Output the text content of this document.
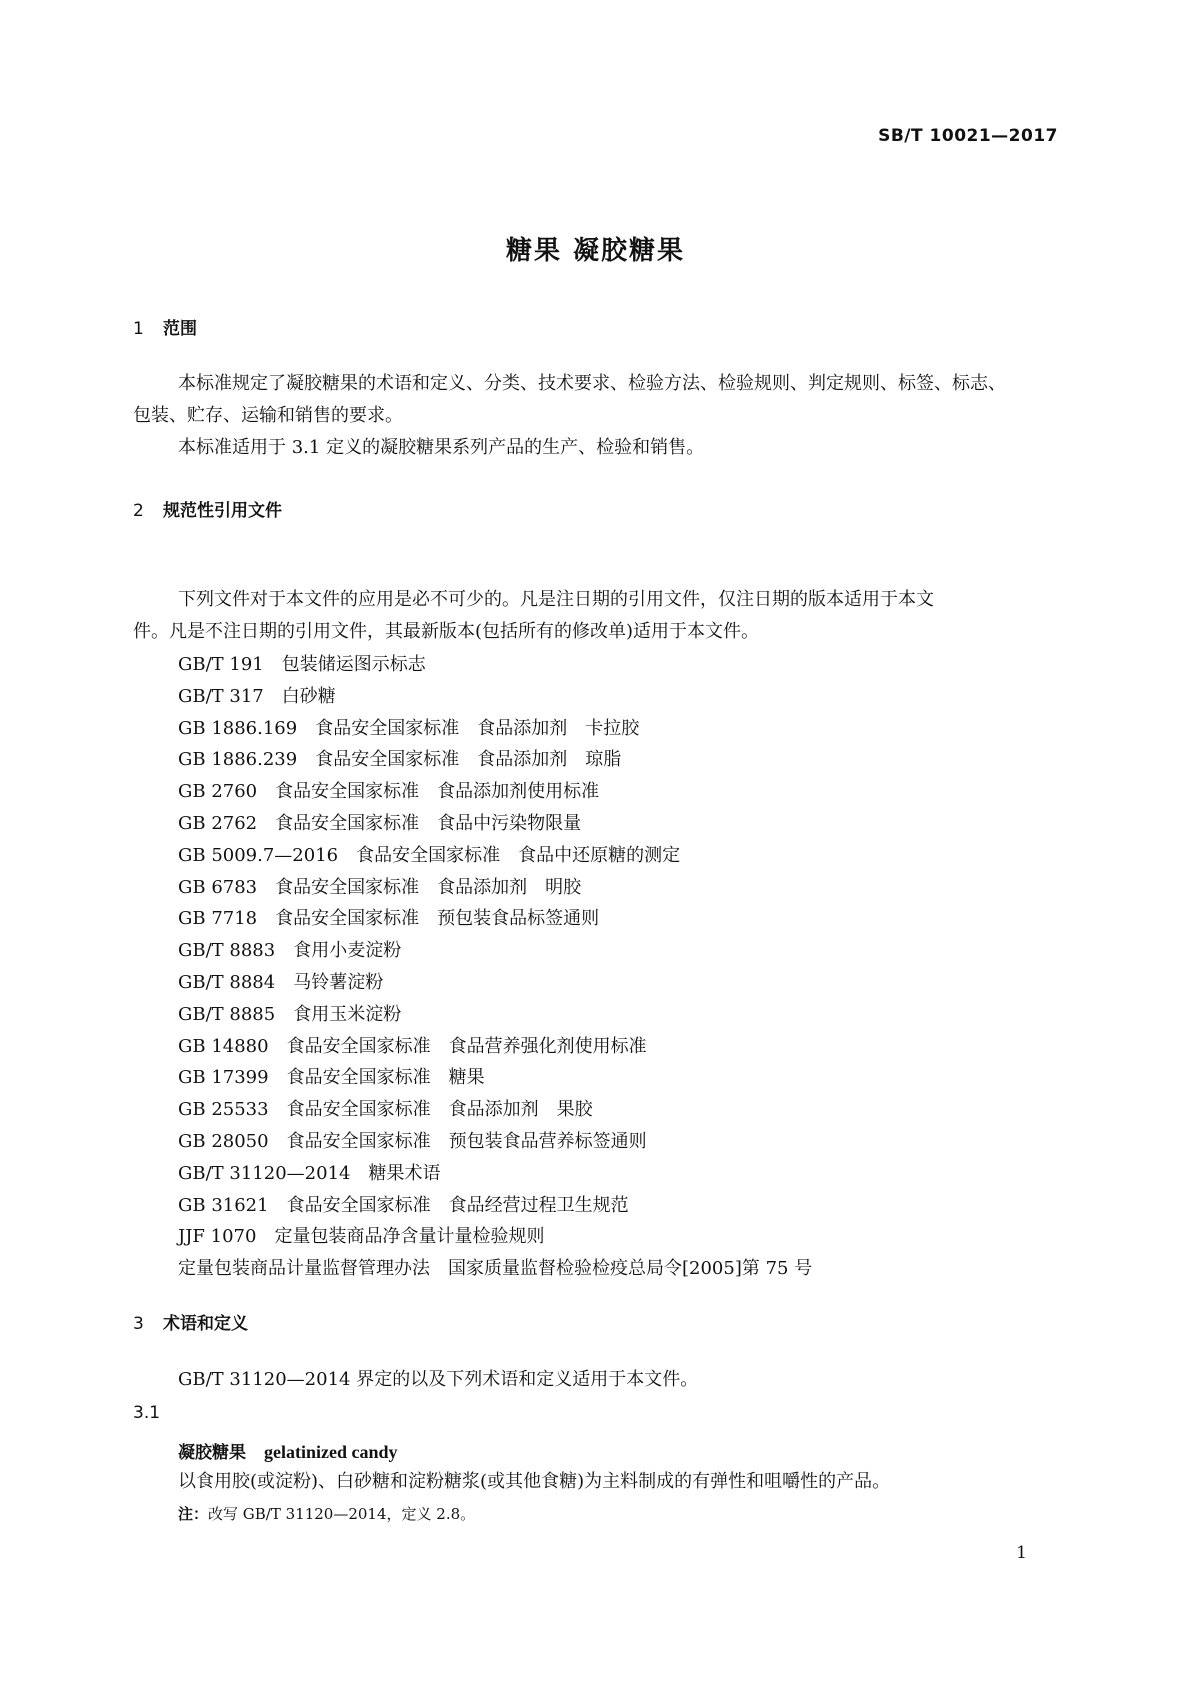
SB/T 10021—2017
糖果 凝胶糖果
1 范围
本标准规定了凝胶糖果的术语和定义、分类、技术要求、检验方法、检验规则、判定规则、标签、标志、
包装、贮存、运输和销售的要求。
本标准适用于 3.1 定义的凝胶糖果系列产品的生产、检验和销售。
2 规范性引用文件
下列文件对于本文件的应用是必不可少的。凡是注日期的引用文件，仅注日期的版本适用于本文
件。凡是不注日期的引用文件，其最新版本(包括所有的修改单)适用于本文件。
GB/T 191 包装储运图示标志
GB/T 317 白砂糖
GB 1886.169 食品安全国家标准　食品添加剂　卡拉胶
GB 1886.239 食品安全国家标准　食品添加剂　琼脂
GB 2760 食品安全国家标准　食品添加剂使用标准
GB 2762 食品安全国家标准　食品中污染物限量
GB 5009.7—2016 食品安全国家标准　食品中还原糖的测定
GB 6783 食品安全国家标准　食品添加剂　明胶
GB 7718 食品安全国家标准　预包装食品标签通则
GB/T 8883 食用小麦淀粉
GB/T 8884 马铃薯淀粉
GB/T 8885 食用玉米淀粉
GB 14880 食品安全国家标准　食品营养强化剂使用标准
GB 17399 食品安全国家标准　糖果
GB 25533 食品安全国家标准　食品添加剂　果胶
GB 28050 食品安全国家标准　预包装食品营养标签通则
GB/T 31120—2014 糖果术语
GB 31621 食品安全国家标准　食品经营过程卫生规范
JJF 1070 定量包装商品净含量计量检验规则
定量包装商品计量监督管理办法 国家质量监督检验检疫总局令[2005]第 75 号
3 术语和定义
GB/T 31120—2014 界定的以及下列术语和定义适用于本文件。
3.1
凝胶糖果 gelatinized candy
以食用胶(或淀粉)、白砂糖和淀粉糖浆(或其他食糖)为主料制成的有弹性和咀嚼性的产品。
注：改写 GB/T 31120—2014，定义 2.8。
1
